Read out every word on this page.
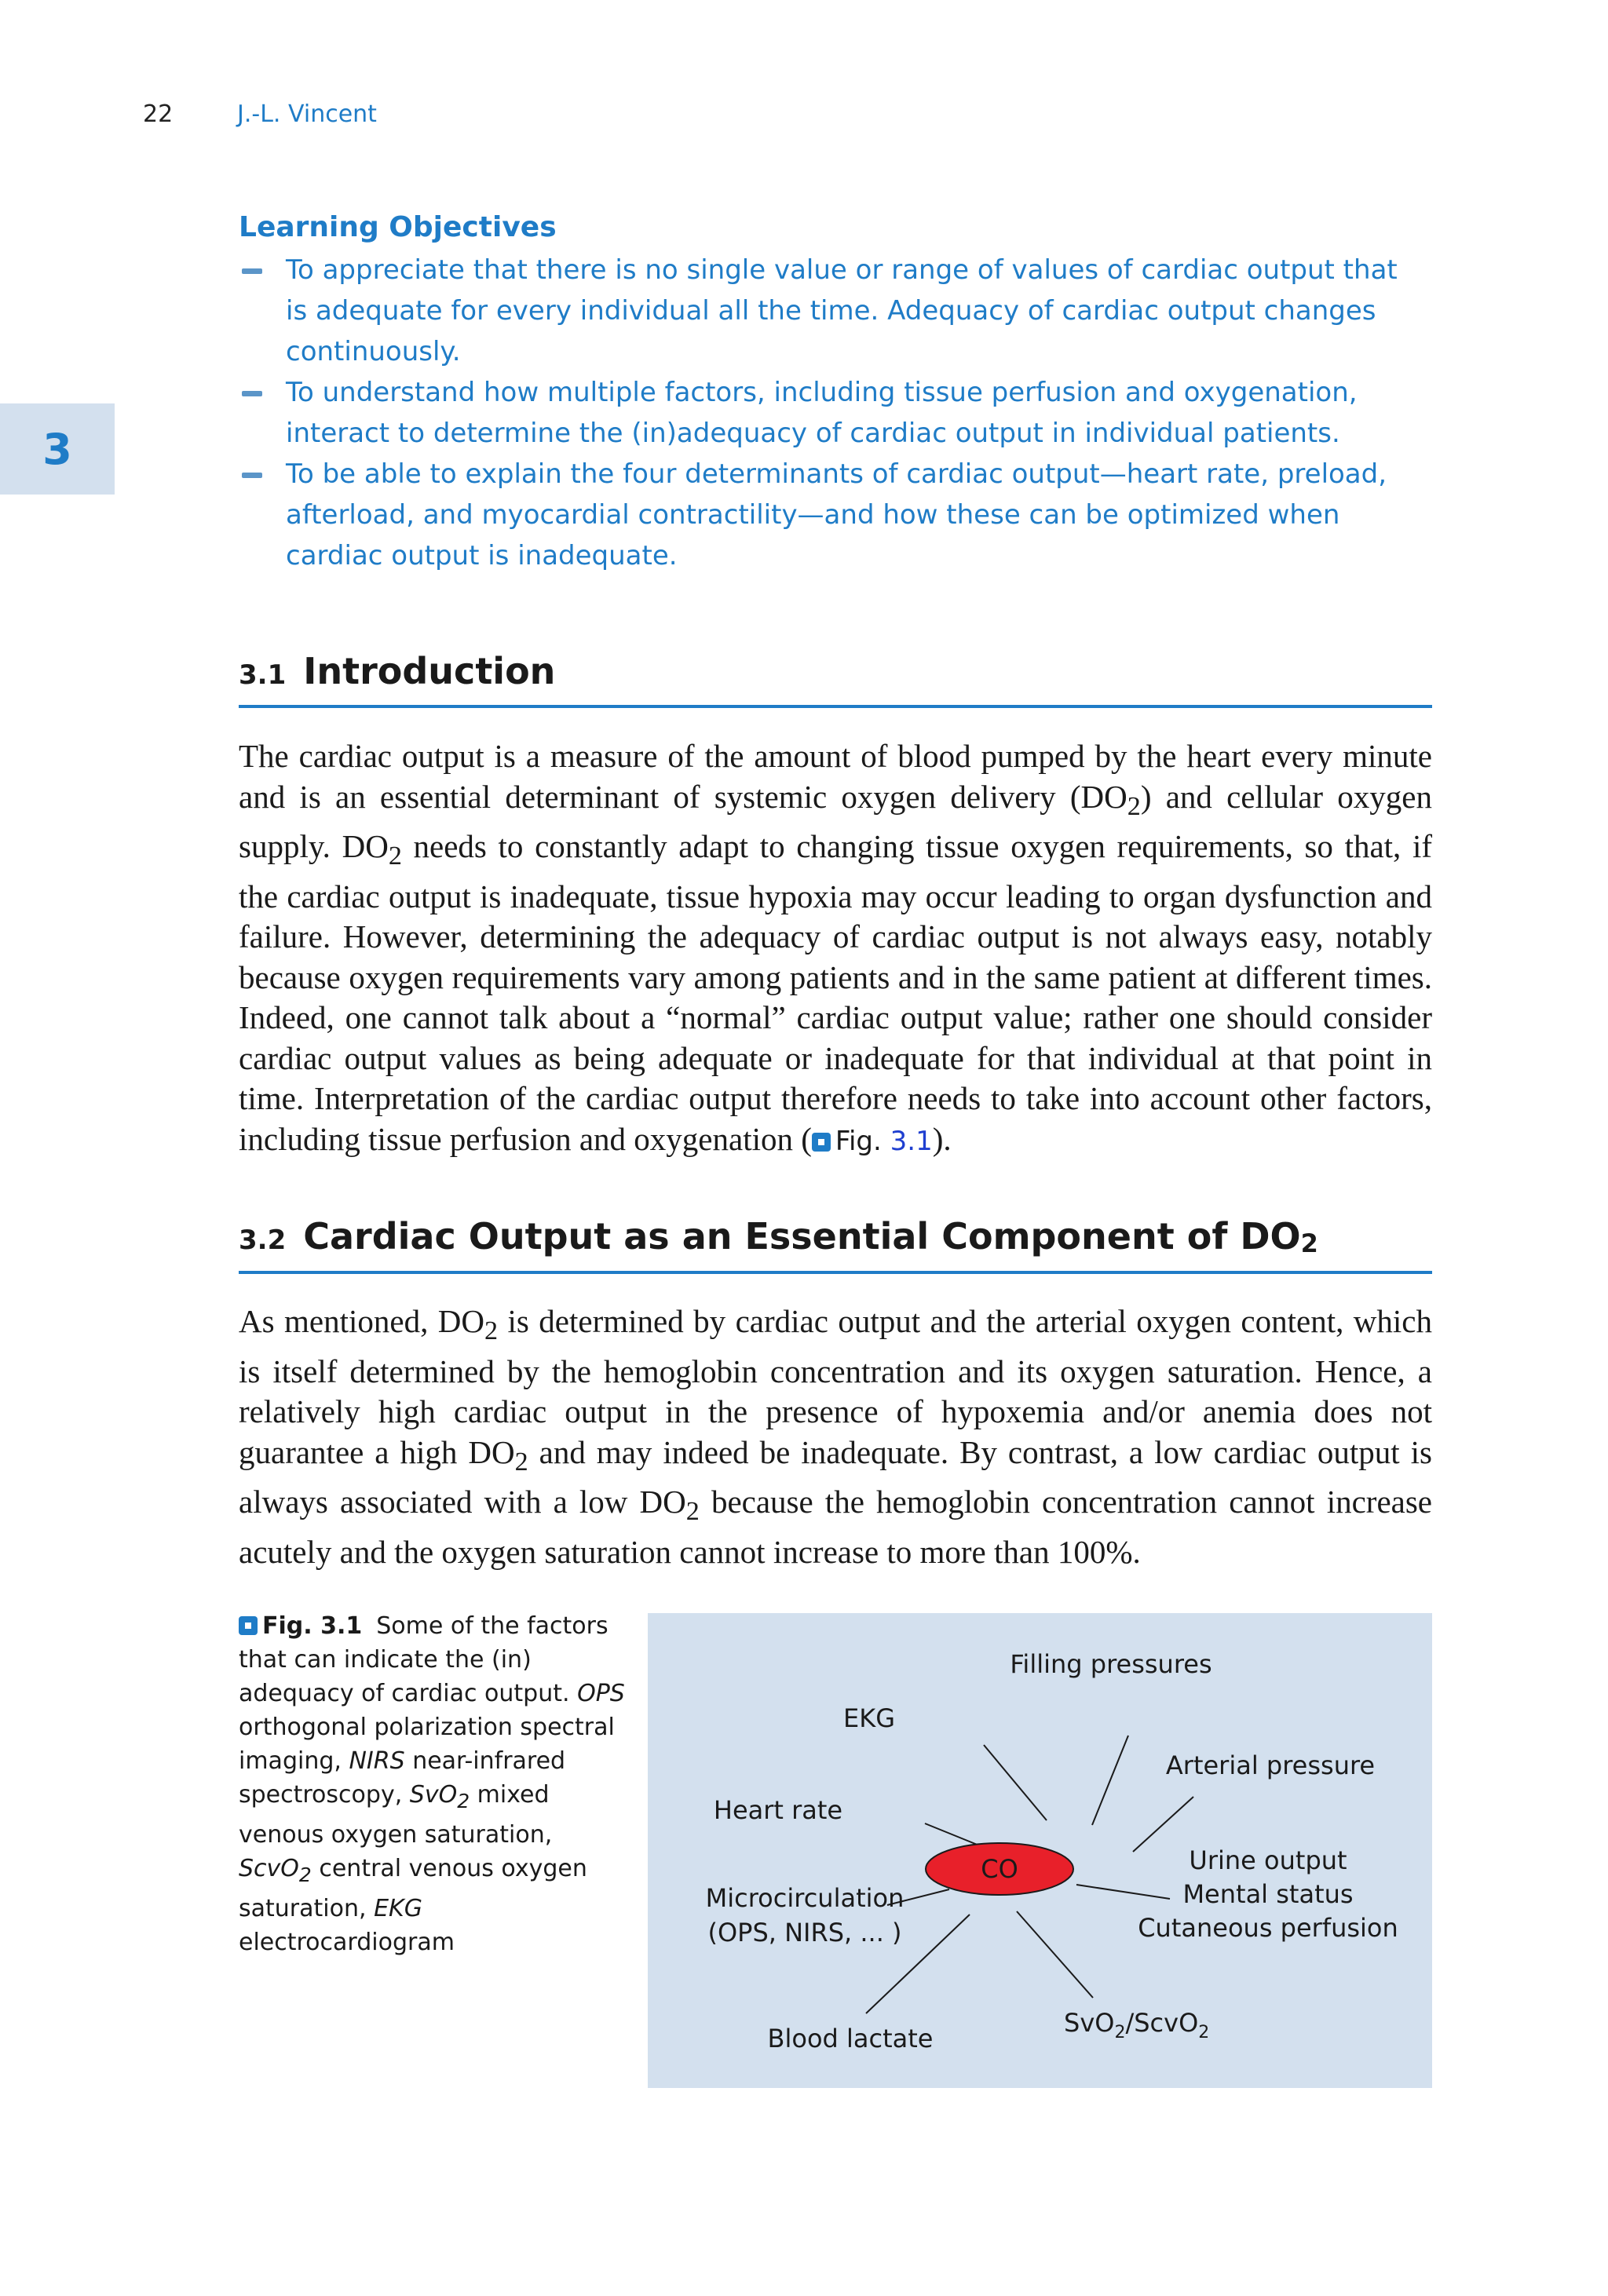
22	J.-L. Vincent
3
Learning Objectives
To appreciate that there is no single value or range of values of cardiac output that is adequate for every individual all the time. Adequacy of cardiac output changes continuously.
To understand how multiple factors, including tissue perfusion and oxygenation, interact to determine the (in)adequacy of cardiac output in individual patients.
To be able to explain the four determinants of cardiac output—heart rate, preload, afterload, and myocardial contractility—and how these can be optimized when cardiac output is inadequate.
3.1 Introduction
The cardiac output is a measure of the amount of blood pumped by the heart every minute and is an essential determinant of systemic oxygen delivery $(DO_2)$ and cellular oxygen supply. $DO_2$ needs to constantly adapt to changing tissue oxygen requirements, so that, if the cardiac output is inadequate, tissue hypoxia may occur leading to organ dysfunction and failure. However, determining the adequacy of cardiac output is not always easy, notably because oxygen requirements vary among patients and in the same patient at different times. Indeed, one cannot talk about a “normal” cardiac output value; rather one should consider cardiac output values as being adequate or inadequate for that individual at that point in time. Interpretation of the cardiac output therefore needs to take into account other factors, including tissue perfusion and oxygenation ( Fig. 3.1).
3.2 Cardiac Output as an Essential Component of $DO_2$
As mentioned, $DO_2$ is determined by cardiac output and the arterial oxygen content, which is itself determined by the hemoglobin concentration and its oxygen saturation. Hence, a relatively high cardiac output in the presence of hypoxemia and/or anemia does not guarantee a high $DO_2$ and may indeed be inadequate. By contrast, a low cardiac output is always associated with a low $DO_2$ because the hemoglobin concentration cannot increase acutely and the oxygen saturation cannot increase to more than 100%.
Fig. 3.1 Some of the factors that can indicate the (in) adequacy of cardiac output. OPS orthogonal polarization spectral imaging, NIRS near-infrared spectroscopy, SvO$_2$ mixed venous oxygen saturation, ScvO$_2$ central venous oxygen saturation, EKG electrocardiogram
CO
Filling pressures
EKG
Arterial pressure
Heart rate
Urine output
Mental status
Cutaneous perfusion
Microcirculation
(OPS, NIRS, ... )
Blood lactate
SvO$_2$/ScvO$_2$
